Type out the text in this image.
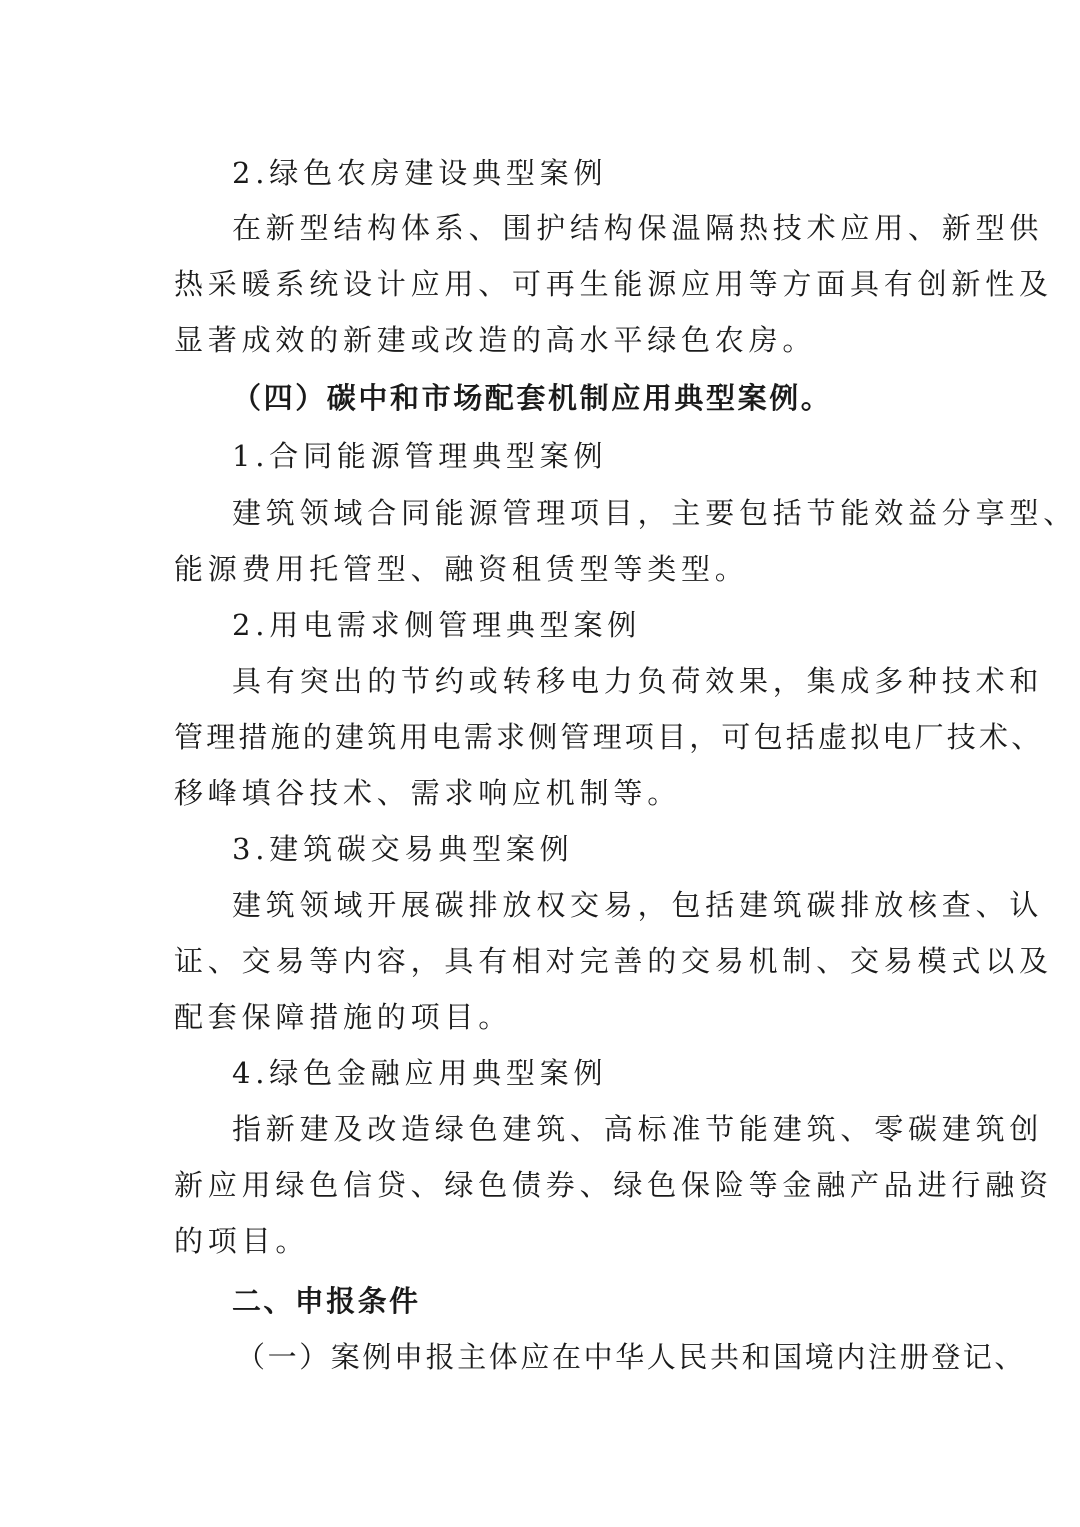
2.绿色农房建设典型案例
在新型结构体系、围护结构保温隔热技术应用、新型供
热采暖系统设计应用、可再生能源应用等方面具有创新性及
显著成效的新建或改造的高水平绿色农房。
（四）碳中和市场配套机制应用典型案例。
1.合同能源管理典型案例
建筑领域合同能源管理项目，主要包括节能效益分享型、
能源费用托管型、融资租赁型等类型。
2.用电需求侧管理典型案例
具有突出的节约或转移电力负荷效果，集成多种技术和
管理措施的建筑用电需求侧管理项目，可包括虚拟电厂技术、
移峰填谷技术、需求响应机制等。
3.建筑碳交易典型案例
建筑领域开展碳排放权交易，包括建筑碳排放核查、认
证、交易等内容，具有相对完善的交易机制、交易模式以及
配套保障措施的项目。
4.绿色金融应用典型案例
指新建及改造绿色建筑、高标准节能建筑、零碳建筑创
新应用绿色信贷、绿色债券、绿色保险等金融产品进行融资
的项目。
二、申报条件
（一）案例申报主体应在中华人民共和国境内注册登记、
